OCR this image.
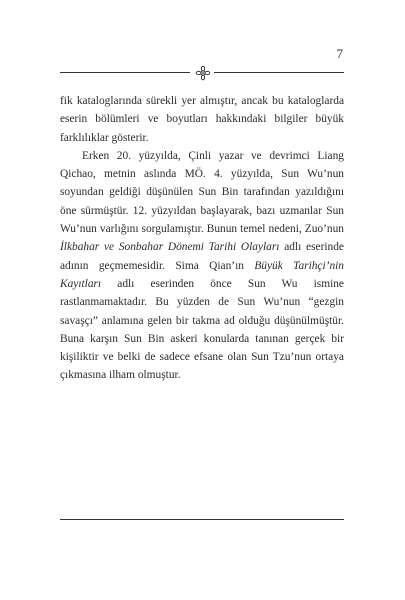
7

fik kataloglarında sürekli yer almıştır, ancak bu kataloglarda eserin bölümleri ve boyutları hakkındaki bilgiler büyük farklılıklar gösterir.

Erken 20. yüzyılda, Çinli yazar ve devrimci Liang Qichao, metnin aslında MÖ. 4. yüzyılda, Sun Wu’nun soyundan geldiği düşünülen Sun Bin tarafından yazıldığını öne sürmüştür. 12. yüzyıldan başlayarak, bazı uzmanlar Sun Wu’nun varlığını sorgulamıştır. Bunun temel nedeni, Zuo’nun İlkbahar ve Sonbahar Dönemi Tarihi Olayları adlı eserinde adının geçmemesidir. Sima Qian’ın Büyük Tarihçi’nin Kayıtları adlı eserinden önce Sun Wu ismine rastlanmamaktadır. Bu yüzden de Sun Wu’nun “gezgin savaşçı” anlamına gelen bir takma ad olduğu düşünülmüştür. Buna karşın Sun Bin askeri konularda tanınan gerçek bir kişiliktir ve belki de sadece efsane olan Sun Tzu’nun ortaya çıkmasına ilham olmuştur.
